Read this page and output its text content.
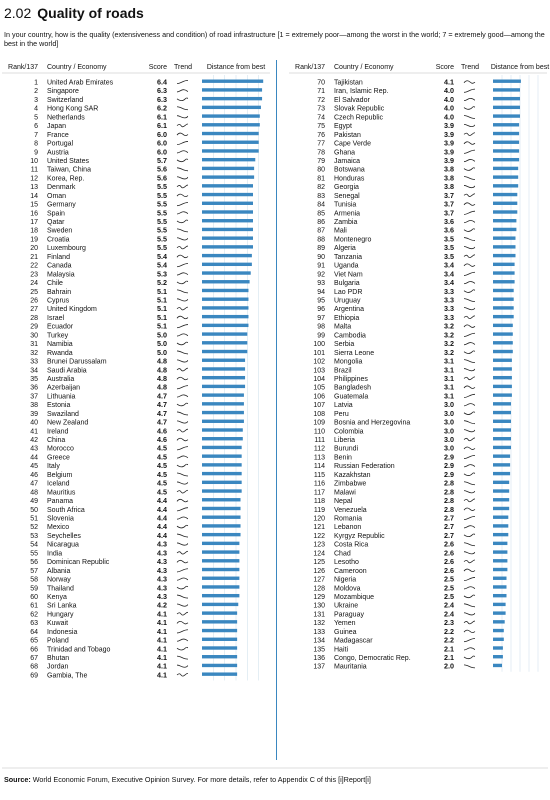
2.02 Quality of roads
In your country, how is the quality (extensiveness and condition) of road infrastructure [1 = extremely poor—among the worst in the world; 7 = extremely good—among the best in the world]
Rank/137 Country / Economy	Score Trend Distance from best
1 United Arab Emirates	6.4
2 Singapore	6.3
3 Switzerland	6.3
4 Hong Kong SAR	6.2
5 Netherlands	6.1
6 Japan	6.1
7 France	6.0
8 Portugal	6.0
9 Austria	6.0
10 United States	5.7
11 Taiwan, China	5.6
12 Korea, Rep.	5.6
13 Denmark	5.5
14 Oman	5.5
15 Germany	5.5
16 Spain	5.5
17 Qatar	5.5
18 Sweden	5.5
19 Croatia	5.5
20 Luxembourg	5.5
21 Finland	5.4
22 Canada	5.4
23 Malaysia	5.3
24 Chile	5.2
25 Bahrain	5.1
26 Cyprus	5.1
27 United Kingdom	5.1
28 Israel	5.1
29 Ecuador	5.1
30 Turkey	5.0
31 Namibia	5.0
32 Rwanda	5.0
33 Brunei Darussalam	4.8
34 Saudi Arabia	4.8
35 Australia	4.8
36 Azerbaijan	4.8
37 Lithuania	4.7
38 Estonia	4.7
39 Swaziland	4.7
40 New Zealand	4.7
41 Ireland	4.6
42 China	4.6
43 Morocco	4.5
44 Greece	4.5
45 Italy	4.5
46 Belgium	4.5
47 Iceland	4.5
48 Mauritius	4.5
49 Panama	4.4
50 South Africa	4.4
51 Slovenia	4.4
52 Mexico	4.4
53 Seychelles	4.4
54 Nicaragua	4.3
55 India	4.3
56 Dominican Republic	4.3
57 Albania	4.3
58 Norway	4.3
59 Thailand	4.3
60 Kenya	4.3
61 Sri Lanka	4.2
62 Hungary	4.1
63 Kuwait	4.1
64 Indonesia	4.1
65 Poland	4.1
66 Trinidad and Tobago	4.1
67 Bhutan	4.1
68 Jordan	4.1
69 Gambia, The	4.1
Rank/137 Country / Economy	Score Trend Distance from best
70 Tajikistan	4.1
71 Iran, Islamic Rep.	4.0
72 El Salvador	4.0
73 Slovak Republic	4.0
74 Czech Republic	4.0
75 Egypt	3.9
76 Pakistan	3.9
77 Cape Verde	3.9
78 Ghana	3.9
79 Jamaica	3.9
80 Botswana	3.8
81 Honduras	3.8
82 Georgia	3.8
83 Senegal	3.7
84 Tunisia	3.7
85 Armenia	3.7
86 Zambia	3.6
87 Mali	3.6
88 Montenegro	3.5
89 Algeria	3.5
90 Tanzania	3.5
91 Uganda	3.4
92 Viet Nam	3.4
93 Bulgaria	3.4
94 Lao PDR	3.3
95 Uruguay	3.3
96 Argentina	3.3
97 Ethiopia	3.3
98 Malta	3.2
99 Cambodia	3.2
100 Serbia	3.2
101 Sierra Leone	3.2
102 Mongolia	3.1
103 Brazil	3.1
104 Philippines	3.1
105 Bangladesh	3.1
106 Guatemala	3.1
107 Latvia	3.0
108 Peru	3.0
109 Bosnia and Herzegovina	3.0
110 Colombia	3.0
111 Liberia	3.0
112 Burundi	3.0
113 Benin	2.9
114 Russian Federation	2.9
115 Kazakhstan	2.9
116 Zimbabwe	2.8
117 Malawi	2.8
118 Nepal	2.8
119 Venezuela	2.8
120 Romania	2.7
121 Lebanon	2.7
122 Kyrgyz Republic	2.7
123 Costa Rica	2.6
124 Chad	2.6
125 Lesotho	2.6
126 Cameroon	2.6
127 Nigeria	2.5
128 Moldova	2.5
129 Mozambique	2.5
130 Ukraine	2.4
131 Paraguay	2.4
132 Yemen	2.3
133 Guinea	2.2
134 Madagascar	2.2
135 Haiti	2.1
136 Congo, Democratic Rep.	2.1
137 Mauritania	2.0
Source: World Economic Forum, Executive Opinion Survey. For more details, refer to Appendix C of this [i]Report[i]
